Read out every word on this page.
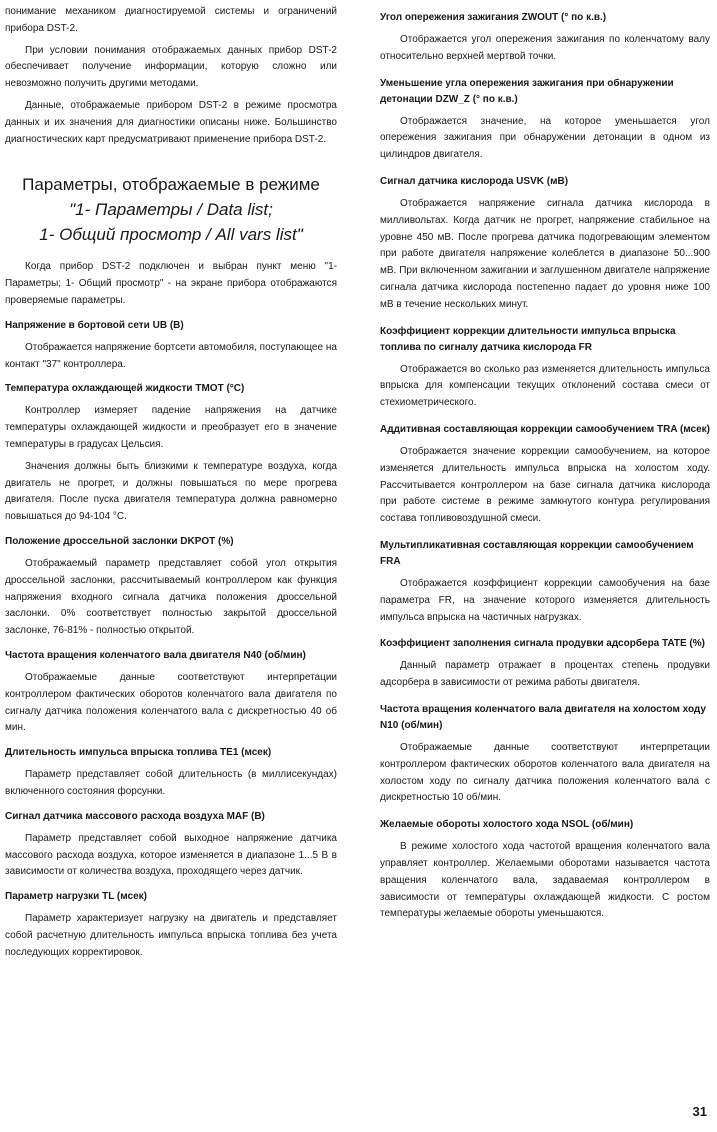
понимание механиком диагностируемой системы и ограничений прибора DST-2.

При условии понимания отображаемых данных прибор DST-2 обеспечивает получение информации, которую сложно или невозможно получить другими методами.

Данные, отображаемые прибором DST-2 в режиме просмотра данных и их значения для диагностики описаны ниже. Большинство диагностических карт предусматривают применение прибора DST-2.

Параметры, отображаемые в режиме
"1- Параметры / Data list;
1- Общий просмотр / All vars list"

Когда прибор DST-2 подключен и выбран пункт меню "1- Параметры; 1- Общий просмотр" - на экране прибора отображаются проверяемые параметры.

Напряжение в бортовой сети UB (В)

Отображается напряжение бортсети автомобиля, поступающее на контакт "37" контроллера.

Температура охлаждающей жидкости TMOT (°C)

Контроллер измеряет падение напряжения на датчике температуры охлаждающей жидкости и преобразует его в значение температуры в градусах Цельсия.

Значения должны быть близкими к температуре воздуха, когда двигатель не прогрет, и должны повышаться по мере прогрева двигателя. После пуска двигателя температура должна равномерно повышаться до 94-104 °C.

Положение дроссельной заслонки DKPOT (%)

Отображаемый параметр представляет собой угол открытия дроссельной заслонки, рассчитываемый контроллером как функция напряжения входного сигнала датчика положения дроссельной заслонки. 0% соответствует полностью закрытой дроссельной заслонке, 76-81% - полностью открытой.

Частота вращения коленчатого вала двигателя N40 (об/мин)

Отображаемые данные соответствуют интерпретации контроллером фактических оборотов коленчатого вала двигателя по сигналу датчика положения коленчатого вала с дискретностью 40 об мин.

Длительность импульса впрыска топлива TE1 (мсек)

Параметр представляет собой длительность (в миллисекундах) включенного состояния форсунки.

Сигнал датчика массового расхода воздуха MAF (В)

Параметр представляет собой выходное напряжение датчика массового расхода воздуха, которое изменяется в диапазоне 1...5 В в зависимости от количества воздуха, проходящего через датчик.

Параметр нагрузки TL (мсек)

Параметр характеризует нагрузку на двигатель и представляет собой расчетную длительность импульса впрыска топлива без учета последующих корректировок.

Угол опережения зажигания ZWOUT (° по к.в.)

Отображается угол опережения зажигания по коленчатому валу относительно верхней мертвой точки.

Уменьшение угла опережения зажигания при обнаружении детонации DZW_Z (° по к.в.)

Отображается значение, на которое уменьшается угол опережения зажигания при обнаружении детонации в одном из цилиндров двигателя.

Сигнал датчика кислорода USVK (мВ)

Отображается напряжение сигнала датчика кислорода в милливольтах. Когда датчик не прогрет, напряжение стабильное на уровне 450 мВ. После прогрева датчика подогревающим элементом при работе двигателя напряжение колеблется в диапазоне 50...900 мВ. При включенном зажигании и заглушенном двигателе напряжение сигнала датчика кислорода постепенно падает до уровня ниже 100 мВ в течение нескольких минут.

Коэффициент коррекции длительности импульса впрыска топлива по сигналу датчика кислорода FR

Отображается во сколько раз изменяется длительность импульса впрыска для компенсации текущих отклонений состава смеси от стехиометрического.

Аддитивная составляющая коррекции самообучением TRA (мсек)

Отображается значение коррекции самообучением, на которое изменяется длительность импульса впрыска на холостом ходу. Рассчитывается контроллером на базе сигнала датчика кислорода при работе системе в режиме замкнутого контура регулирования состава топливовоздушной смеси.

Мультипликативная составляющая коррекции самообучением FRA

Отображается коэффициент коррекции самообучения на базе параметра FR, на значение которого изменяется длительность импульса впрыска на частичных нагрузках.

Коэффициент заполнения сигнала продувки адсорбера TATE (%)

Данный параметр отражает в процентах степень продувки адсорбера в зависимости от режима работы двигателя.

Частота вращения коленчатого вала двигателя на холостом ходу N10 (об/мин)

Отображаемые данные соответствуют интерпретации контроллером фактических оборотов коленчатого вала двигателя на холостом ходу по сигналу датчика положения коленчатого вала с дискретностью 10 об/мин.

Желаемые обороты холостого хода NSOL (об/мин)

В режиме холостого хода частотой вращения коленчатого вала управляет контроллер. Желаемыми оборотами называется частота вращения коленчатого вала, задаваемая контроллером в зависимости от температуры охлаждающей жидкости. С ростом температуры желаемые обороты уменьшаются.

31
